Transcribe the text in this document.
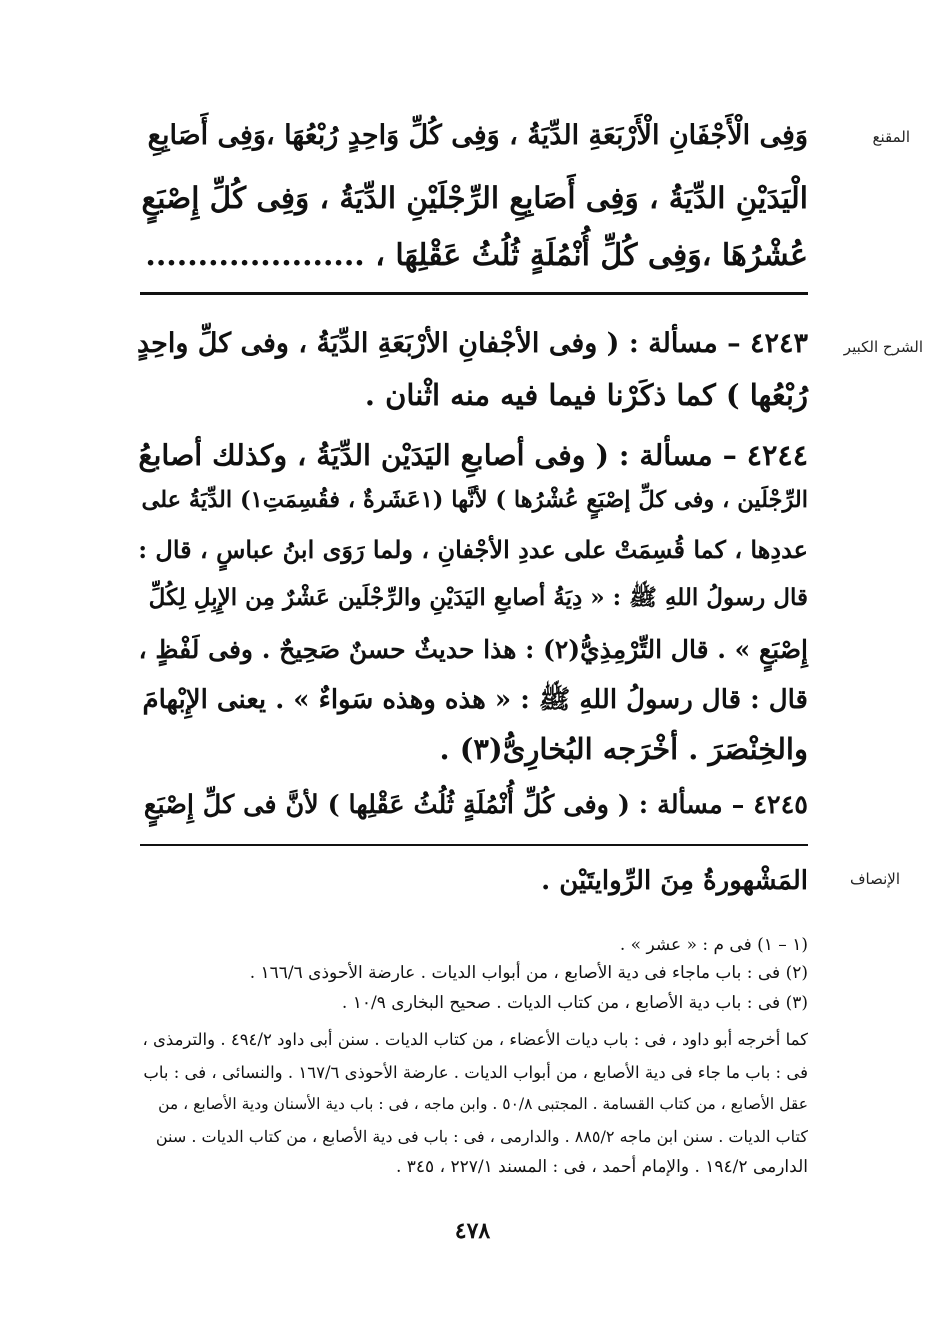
المقنع
الشرح الكبير
الإنصاف
وَفِى الْأَجْفَانِ الْأَرْبَعَةِ الدِّيَةُ ، وَفِى كُلِّ وَاحِدٍ رُبْعُهَا ،وَفِى أَصَابِعِ
الْيَدَيْنِ الدِّيَةُ ، وَفِى أَصَابِعِ الرِّجْلَيْنِ الدِّيَةُ ، وَفِى كُلِّ إِصْبَعٍ
عُشْرُهَا ،وَفِى كُلِّ أُنْمُلَةٍ ثُلُثُ عَقْلِهَا ، .....................
٤٢٤٣ – مسألة : ( وفى الأجْفانِ الأرْبَعَةِ الدِّيَةُ ، وفى كلِّ واحِدٍ
رُبْعُها ) كما ذكَرْنا فيما فيه منه اثْنان .
٤٢٤٤ – مسألة : ( وفى أصابعِ اليَدَيْن الدِّيَةُ ، وكذلك أصابعُ
الرِّجْلَين ، وفى كلِّ إصْبَعٍ عُشْرُها ) لأنَّها (١عَشَرةٌ ، فقُسِمَتِ١) الدِّيَةُ على
عددِها ، كما قُسِمَتْ على عددِ الأجْفانِ ، ولما رَوَى ابنُ عباسٍ ، قال :
قال رسولُ اللهِ ﷺ : « دِيَةُ أصابعِ اليَدَيْنِ والرِّجْلَين عَشْرٌ مِن الإِبِلِ لِكُلِّ
إِصْبَعٍ » . قال التِّرْمِذِيُّ(٢) : هذا حديثٌ حسنٌ صَحِيحٌ . وفى لَفْظٍ ،
قال : قال رسولُ اللهِ ﷺ : « هذه وهذه سَواءٌ » . يعنى الإِبْهامَ
والخِنْصَرَ . أخْرَجه البُخارِىُّ(٣) .
٤٢٤٥ – مسألة : ( وفى كُلِّ أُنْمُلَةٍ ثُلُثُ عَقْلِها ) لأنَّ فى كلِّ إِصْبَعٍ
المَشْهورةُ مِنَ الرِّوايتَيْن .
(١ – ١) فى م : « عشر » .
(٢) فى : باب ماجاء فى دية الأصابع ، من أبواب الديات . عارضة الأحوذى ١٦٦/٦ .
(٣) فى : باب دية الأصابع ، من كتاب الديات . صحيح البخارى ١٠/٩ .
كما أخرجه أبو داود ، فى : باب ديات الأعضاء ، من كتاب الديات . سنن أبى داود ٤٩٤/٢ . والترمذى ،
فى : باب ما جاء فى دية الأصابع ، من أبواب الديات . عارضة الأحوذى ١٦٧/٦ . والنسائى ، فى : باب
عقل الأصابع ، من كتاب القسامة . المجتبى ٥٠/٨ . وابن ماجه ، فى : باب دية الأسنان ودية الأصابع ، من
كتاب الديات . سنن ابن ماجه ٨٨٥/٢ . والدارمى ، فى : باب فى دية الأصابع ، من كتاب الديات . سنن
الدارمى ١٩٤/٢ . والإمام أحمد ، فى : المسند ٢٢٧/١ ، ٣٤٥ .
٤٧٨
